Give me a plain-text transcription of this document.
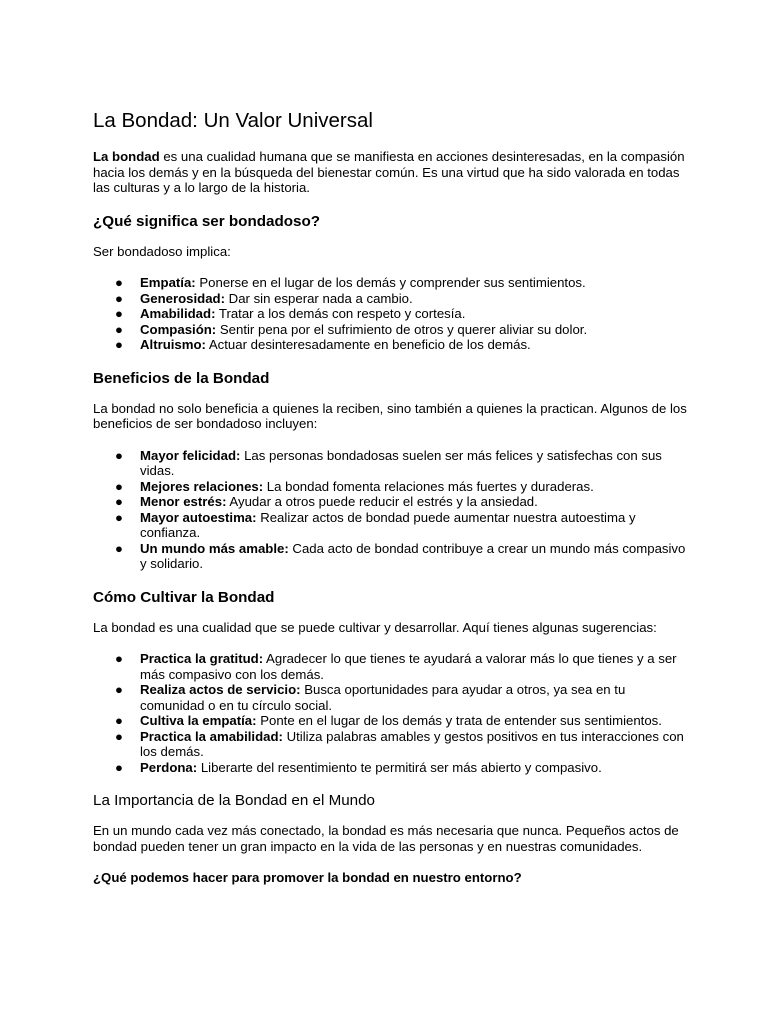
La Bondad: Un Valor Universal

La bondad es una cualidad humana que se manifiesta en acciones desinteresadas, en la compasión hacia los demás y en la búsqueda del bienestar común. Es una virtud que ha sido valorada en todas las culturas y a lo largo de la historia.

¿Qué significa ser bondadoso?

Ser bondadoso implica:

● Empatía: Ponerse en el lugar de los demás y comprender sus sentimientos.
● Generosidad: Dar sin esperar nada a cambio.
● Amabilidad: Tratar a los demás con respeto y cortesía.
● Compasión: Sentir pena por el sufrimiento de otros y querer aliviar su dolor.
● Altruismo: Actuar desinteresadamente en beneficio de los demás.
Beneficios de la Bondad

La bondad no solo beneficia a quienes la reciben, sino también a quienes la practican. Algunos de los beneficios de ser bondadoso incluyen:

● Mayor felicidad: Las personas bondadosas suelen ser más felices y satisfechas con sus vidas.
● Mejores relaciones: La bondad fomenta relaciones más fuertes y duraderas.
● Menor estrés: Ayudar a otros puede reducir el estrés y la ansiedad.
● Mayor autoestima: Realizar actos de bondad puede aumentar nuestra autoestima y confianza.
● Un mundo más amable: Cada acto de bondad contribuye a crear un mundo más compasivo y solidario.
Cómo Cultivar la Bondad

La bondad es una cualidad que se puede cultivar y desarrollar. Aquí tienes algunas sugerencias:

● Practica la gratitud: Agradecer lo que tienes te ayudará a valorar más lo que tienes y a ser más compasivo con los demás.
● Realiza actos de servicio: Busca oportunidades para ayudar a otros, ya sea en tu comunidad o en tu círculo social.
● Cultiva la empatía: Ponte en el lugar de los demás y trata de entender sus sentimientos.
● Practica la amabilidad: Utiliza palabras amables y gestos positivos en tus interacciones con los demás.
● Perdona: Liberarte del resentimiento te permitirá ser más abierto y compasivo.
La Importancia de la Bondad en el Mundo

En un mundo cada vez más conectado, la bondad es más necesaria que nunca. Pequeños actos de bondad pueden tener un gran impacto en la vida de las personas y en nuestras comunidades.

¿Qué podemos hacer para promover la bondad en nuestro entorno?
